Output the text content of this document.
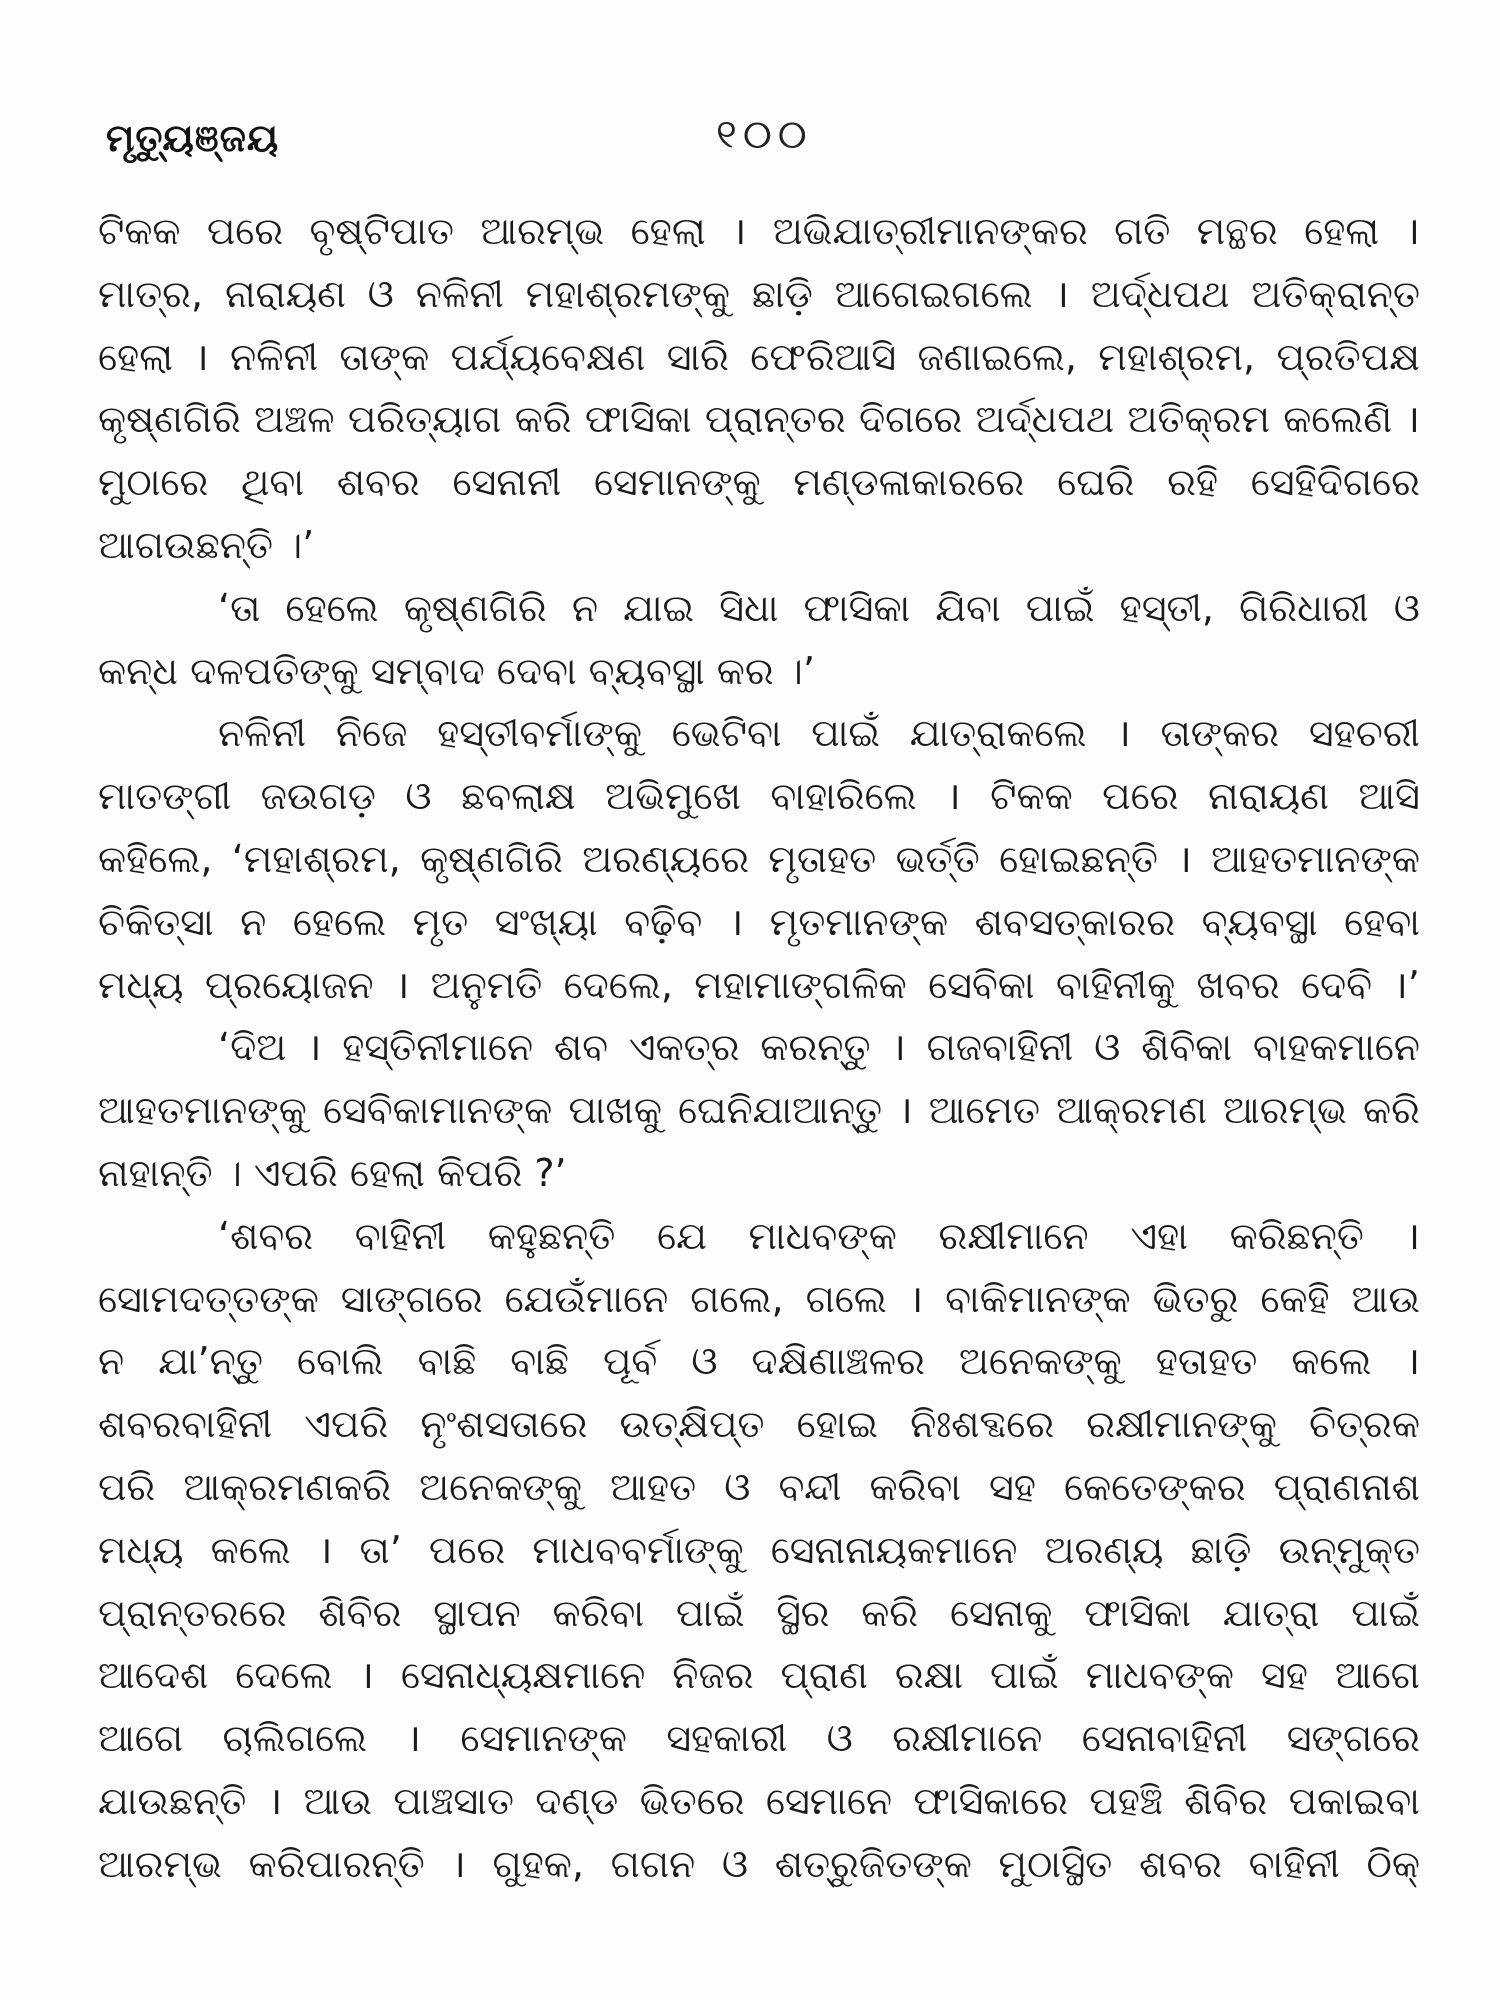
ମୃତ୍ୟୁଞ୍ଜୟ	୧୦୦
ଟିକକ ପରେ ବୃଷ୍ଟିପାତ ଆରମ୍ଭ ହେଲା । ଅଭିଯାତ୍ରୀମାନଙ୍କର ଗତି ମନ୍ଥର ହେଲା ।
ମାତ୍ର, ନାରାୟଣ ଓ ନଳିନୀ ମହାଶ୍ରମଙ୍କୁ ଛାଡ଼ି ଆଗେଇଗଲେ । ଅର୍ଦ୍ଧପଥ ଅତିକ୍ରାନ୍ତ
ହେଲା । ନଳିନୀ ତାଙ୍କ ପର୍ଯ୍ୟବେକ୍ଷଣ ସାରି ଫେରିଆସି ଜଣାଇଲେ, ମହାଶ୍ରମ, ପ୍ରତିପକ୍ଷ
କୃଷ୍ଣଗିରି ଅଞ୍ଚଳ ପରିତ୍ୟାଗ କରି ଫାସିକା ପ୍ରାନ୍ତର ଦିଗରେ ଅର୍ଦ୍ଧପଥ ଅତିକ୍ରମ କଲେଣି ।
ମୁଠାରେ ଥିବା ଶବର ସେନାନୀ ସେମାନଙ୍କୁ ମଣ୍ଡଳାକାରରେ ଘେରି ରହି ସେହିଦିଗରେ
ଆଗଉଛନ୍ତି ।’
‘ତା ହେଲେ କୃଷ୍ଣଗିରି ନ ଯାଇ ସିଧା ଫାସିକା ଯିବା ପାଇଁ ହସ୍ତୀ, ଗିରିଧାରୀ ଓ
କନ୍ଧ ଦଳପତିଙ୍କୁ ସମ୍ବାଦ ଦେବା ବ୍ୟବସ୍ଥା କର ।’
ନଳିନୀ ନିଜେ ହସ୍ତୀବର୍ମାଙ୍କୁ ଭେଟିବା ପାଇଁ ଯାତ୍ରାକଲେ । ତାଙ୍କର ସହଚରୀ
ମାତଙ୍ଗୀ ଜଉଗଡ଼ ଓ ଛବଲାକ୍ଷ ଅଭିମୁଖେ ବାହାରିଲେ । ଟିକକ ପରେ ନାରାୟଣ ଆସି
କହିଲେ, ‘ମହାଶ୍ରମ, କୃଷ୍ଣଗିରି ଅରଣ୍ୟରେ ମୃତାହତ ଭର୍ତ୍ତି ହୋଇଛନ୍ତି । ଆହତମାନଙ୍କ
ଚିକିତ୍ସା ନ ହେଲେ ମୃତ ସଂଖ୍ୟା ବଢ଼ିବ । ମୃତମାନଙ୍କ ଶବସତ୍କାରର ବ୍ୟବସ୍ଥା ହେବା
ମଧ୍ୟ ପ୍ରୟୋଜନ । ଅନୁମତି ଦେଲେ, ମହାମାଙ୍ଗଳିକ ସେବିକା ବାହିନୀକୁ ଖବର ଦେବି ।’
‘ଦିଅ । ହସ୍ତିନୀମାନେ ଶବ ଏକତ୍ର କରନ୍ତୁ । ଗଜବାହିନୀ ଓ ଶିବିକା ବାହକମାନେ
ଆହତମାନଙ୍କୁ ସେବିକାମାନଙ୍କ ପାଖକୁ ଘେନିଯାଆନ୍ତୁ । ଆମେତ ଆକ୍ରମଣ ଆରମ୍ଭ କରି
ନାହାନ୍ତି । ଏପରି ହେଲା କିପରି ?’
‘ଶବର ବାହିନୀ କହୁଛନ୍ତି ଯେ ମାଧବଙ୍କ ରକ୍ଷୀମାନେ ଏହା କରିଛନ୍ତି ।
ସୋମଦତ୍ତଙ୍କ ସାଙ୍ଗରେ ଯେଉଁମାନେ ଗଲେ, ଗଲେ । ବାକିମାନଙ୍କ ଭିତରୁ କେହି ଆଉ
ନ ଯା’ନ୍ତୁ ବୋଲି ବାଛି ବାଛି ପୂର୍ବ ଓ ଦକ୍ଷିଣାଞ୍ଚଳର ଅନେକଙ୍କୁ ହତାହତ କଲେ ।
ଶବରବାହିନୀ ଏପରି ନୃଂଶସତାରେ ଉତ୍କ୍ଷିପ୍ତ ହୋଇ ନିଃଶବ୍ଦରେ ରକ୍ଷୀମାନଙ୍କୁ ଚିତ୍ରକ
ପରି ଆକ୍ରମଣକରି ଅନେକଙ୍କୁ ଆହତ ଓ ବନ୍ଦୀ କରିବା ସହ କେତେଙ୍କର ପ୍ରାଣନାଶ
ମଧ୍ୟ କଲେ । ତା’ ପରେ ମାଧବବର୍ମାଙ୍କୁ ସେନାନାୟକମାନେ ଅରଣ୍ୟ ଛାଡ଼ି ଉନ୍ମୁକ୍ତ
ପ୍ରାନ୍ତରରେ ଶିବିର ସ୍ଥାପନ କରିବା ପାଇଁ ସ୍ଥିର କରି ସେନାକୁ ଫାସିକା ଯାତ୍ରା ପାଇଁ
ଆଦେଶ ଦେଲେ । ସେନାଧ୍ୟକ୍ଷମାନେ ନିଜର ପ୍ରାଣ ରକ୍ଷା ପାଇଁ ମାଧବଙ୍କ ସହ ଆଗେ
ଆଗେ ଚାଲିଗଲେ । ସେମାନଙ୍କ ସହକାରୀ ଓ ରକ୍ଷୀମାନେ ସେନାବାହିନୀ ସଙ୍ଗରେ
ଯାଉଛନ୍ତି । ଆଉ ପାଞ୍ଚସାତ ଦଣ୍ଡ ଭିତରେ ସେମାନେ ଫାସିକାରେ ପହଞ୍ଚି ଶିବିର ପକାଇବା
ଆରମ୍ଭ କରିପାରନ୍ତି । ଗୁହକ, ଗଗନ ଓ ଶତ୍ରୁଜିତଙ୍କ ମୁଠାସ୍ଥିତ ଶବର ବାହିନୀ ଠିକ୍
